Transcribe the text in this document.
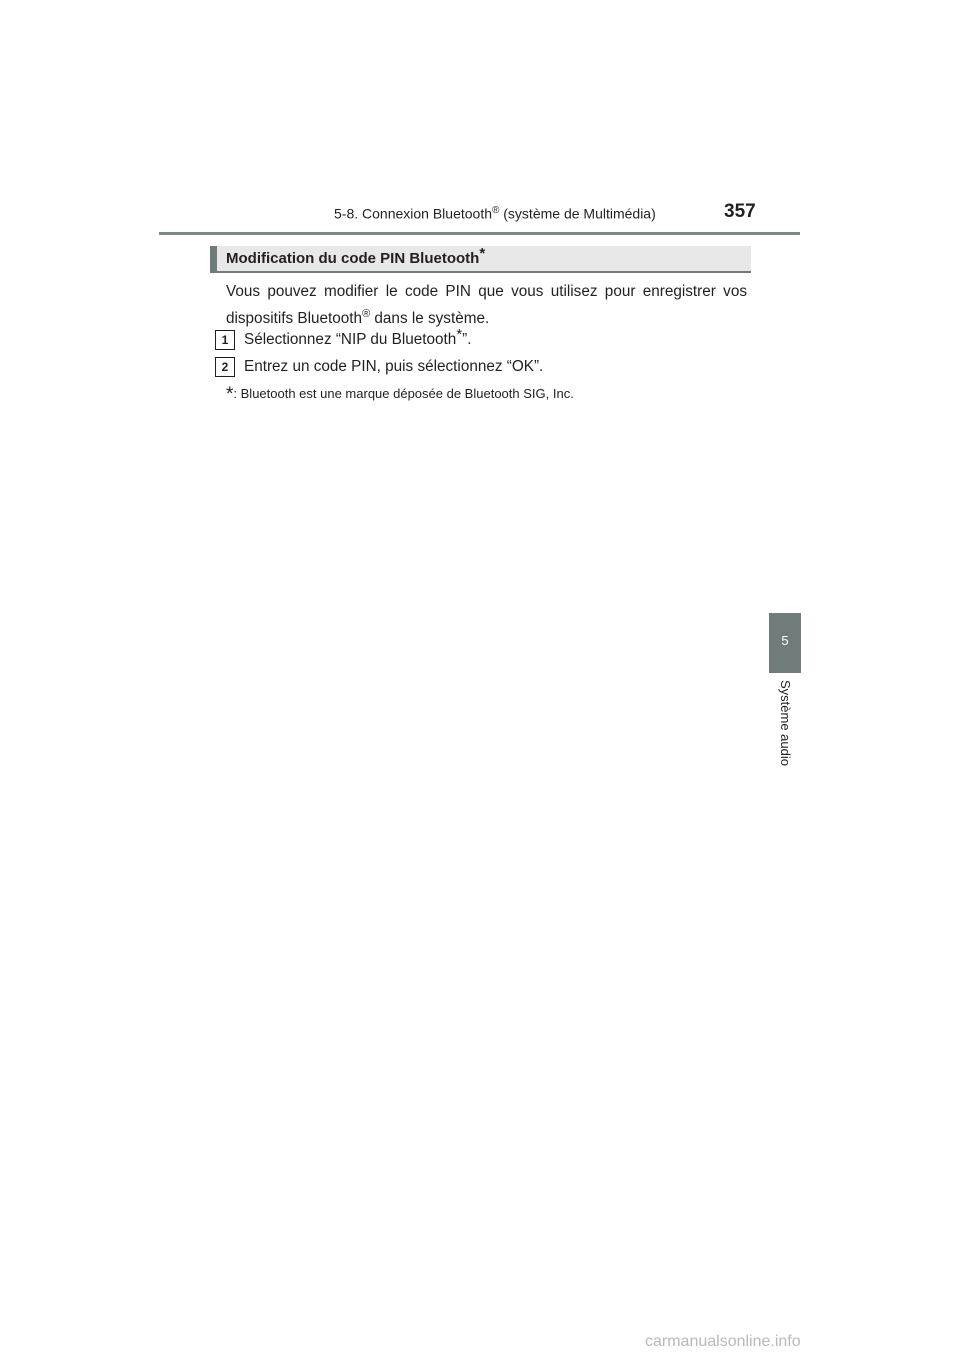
5-8. Connexion Bluetooth® (système de Multimédia)	357
Modification du code PIN Bluetooth*
Vous pouvez modifier le code PIN que vous utilisez pour enregistrer vos dispositifs Bluetooth® dans le système.
1	Sélectionnez “NIP du Bluetooth*”.
2	Entrez un code PIN, puis sélectionnez “OK”.
*: Bluetooth est une marque déposée de Bluetooth SIG, Inc.
5
Système audio
carmanualsonline.info
